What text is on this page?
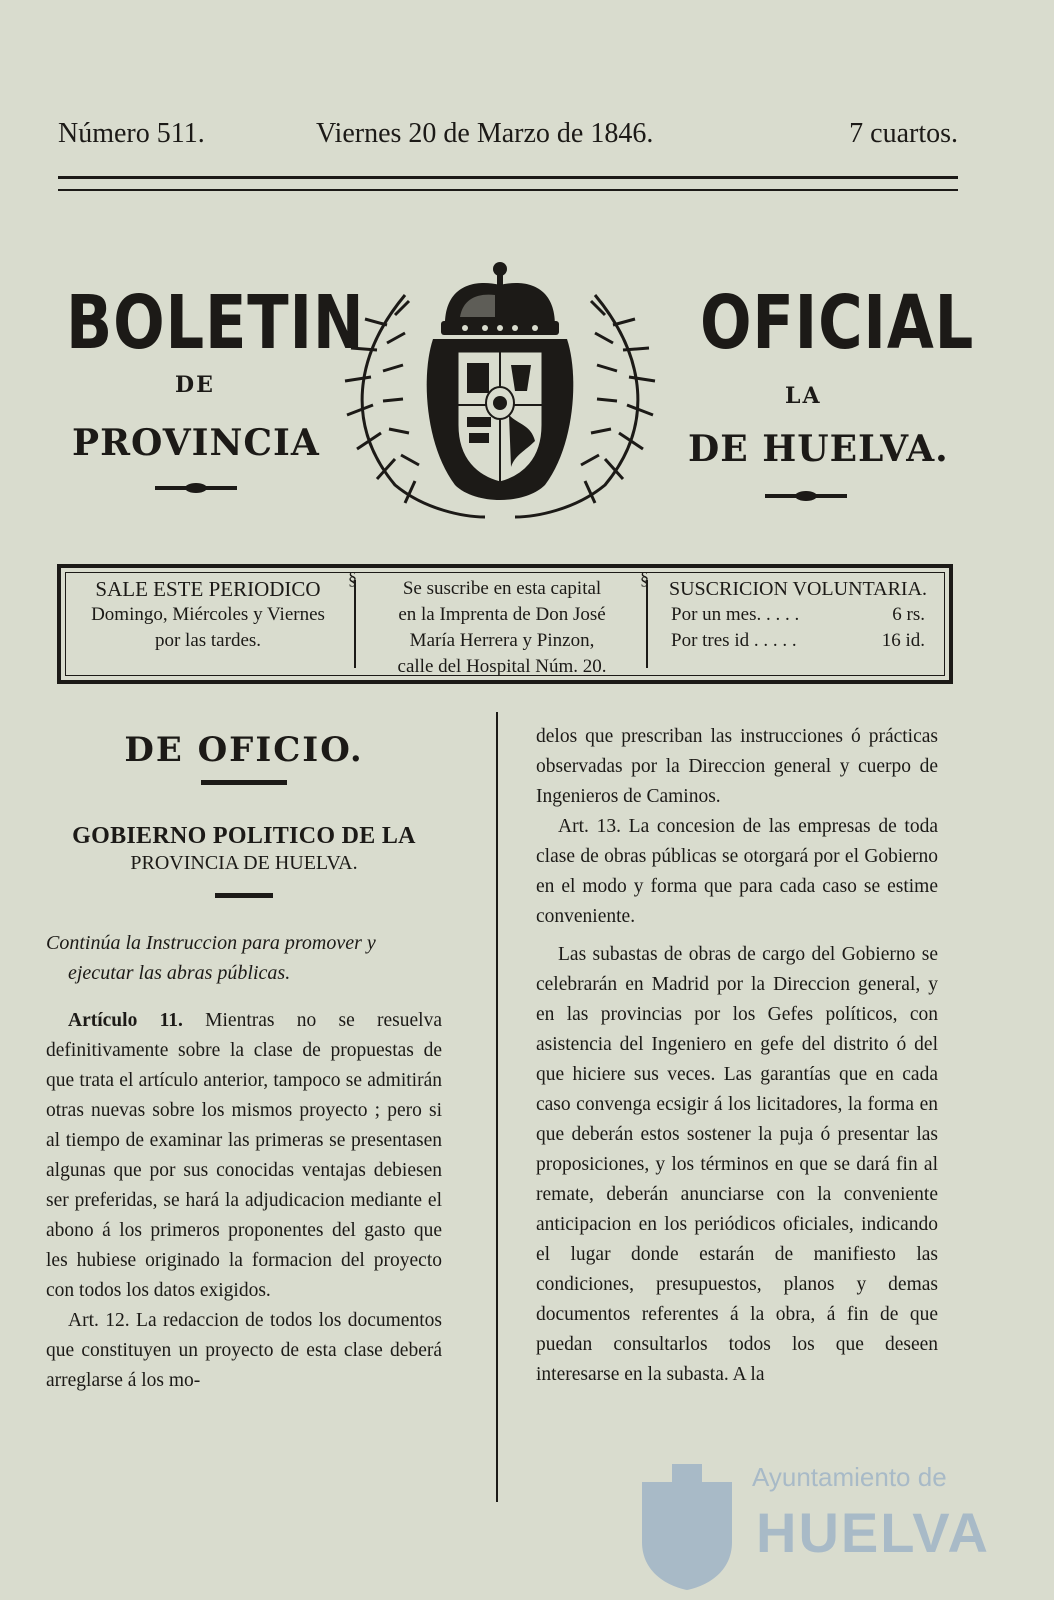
Número 511.	Viernes 20 de Marzo de 1846.	7 cuartos.
BOLETIN	OFICIAL
DE	LA
PROVINCIA	DE HUELVA.
SALE ESTE PERIODICO
Domingo, Miércoles y Viernes
por las tardes.
§
Se suscribe en esta capital
en la Imprenta de Don José
María Herrera y Pinzon,
calle del Hospital Núm. 20.
§
SUSCRICION VOLUNTARIA.
Por un mes. . . . .	6 rs.
Por tres id . . . . .	16 id.
DE OFICIO.
GOBIERNO POLITICO DE LA
PROVINCIA DE HUELVA.
Continúa la Instruccion para promover y
ejecutar las abras públicas.

Artículo 11. Mientras no se resuelva definitivamente sobre la clase de propuestas de que trata el artículo anterior, tampoco se admitirán otras nuevas sobre los mismos proyecto ; pero si al tiempo de examinar las primeras se presentasen algunas que por sus conocidas ventajas debiesen ser preferidas, se hará la adjudicacion mediante el abono á los primeros proponentes del gasto que les hubiese originado la formacion del proyecto con todos los datos exigidos.

Art. 12. La redaccion de todos los documentos que constituyen un proyecto de esta clase deberá arreglarse á los mo-

delos que prescriban las instrucciones ó prácticas observadas por la Direccion general y cuerpo de Ingenieros de Caminos.

Art. 13. La concesion de las empresas de toda clase de obras públicas se otorgará por el Gobierno en el modo y forma que para cada caso se estime conveniente.

Las subastas de obras de cargo del Gobierno se celebrarán en Madrid por la Direccion general, y en las provincias por los Gefes políticos, con asistencia del Ingeniero en gefe del distrito ó del que hiciere sus veces. Las garantías que en cada caso convenga ecsigir á los licitadores, la forma en que deberán estos sostener la puja ó presentar las proposiciones, y los términos en que se dará fin al remate, deberán anunciarse con la conveniente anticipacion en los periódicos oficiales, indicando el lugar donde estarán de manifiesto las condiciones, presupuestos, planos y demas documentos referentes á la obra, á fin de que puedan consultarlos todos los que deseen interesarse en la subasta. A la

Ayuntamiento de
HUELVA
